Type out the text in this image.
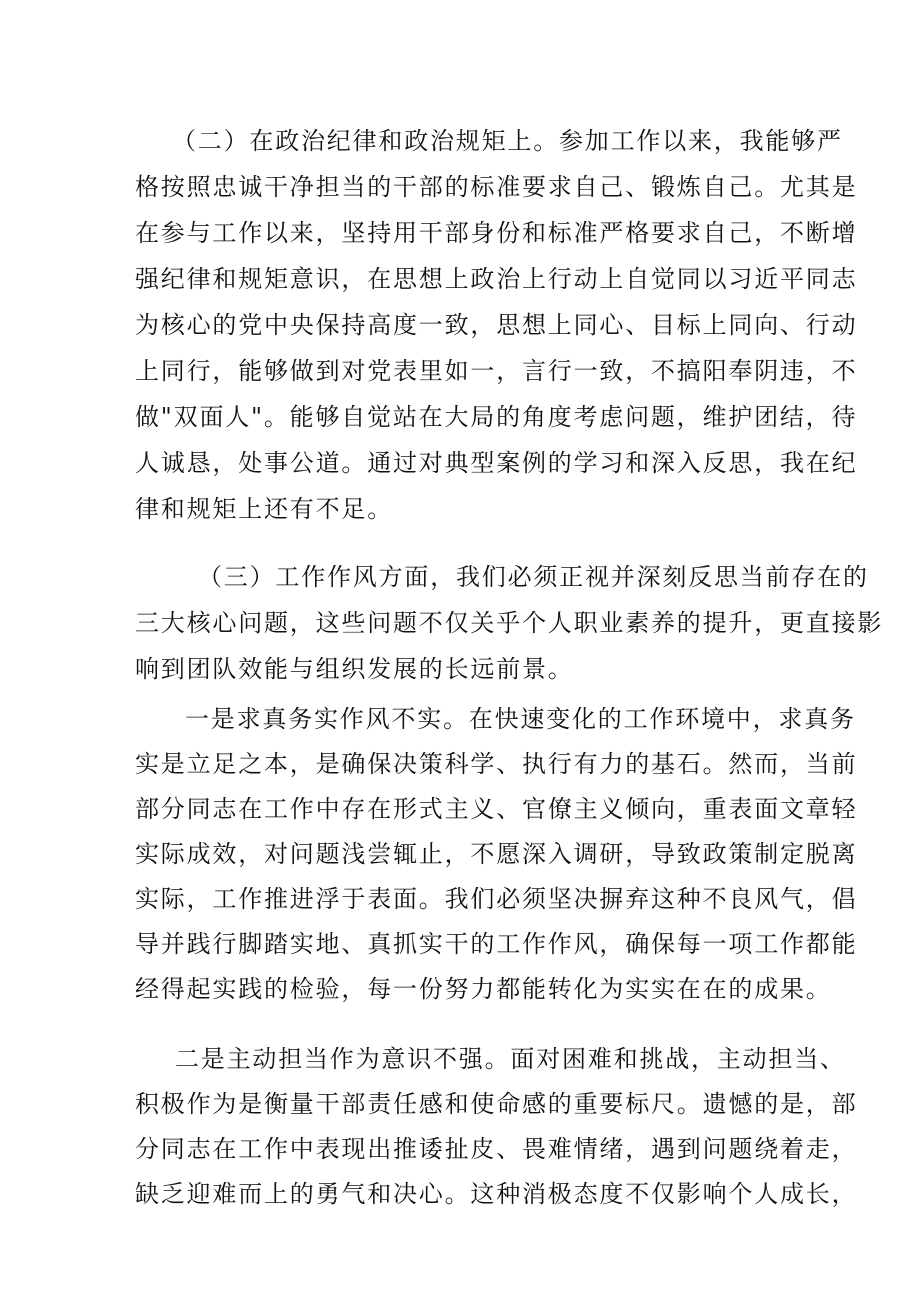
（二）在政治纪律和政治规矩上。参加工作以来，我能够严
格按照忠诚干净担当的干部的标准要求自己、锻炼自己。尤其是
在参与工作以来，坚持用干部身份和标准严格要求自己，不断增
强纪律和规矩意识，在思想上政治上行动上自觉同以习近平同志
为核心的党中央保持高度一致，思想上同心、目标上同向、行动
上同行，能够做到对党表里如一，言行一致，不搞阳奉阴违，不
做"双面人"。能够自觉站在大局的角度考虑问题，维护团结，待
人诚恳，处事公道。通过对典型案例的学习和深入反思，我在纪
律和规矩上还有不足。
（三）工作作风方面，我们必须正视并深刻反思当前存在的
三大核心问题，这些问题不仅关乎个人职业素养的提升，更直接影
响到团队效能与组织发展的长远前景。
一是求真务实作风不实。在快速变化的工作环境中，求真务
实是立足之本，是确保决策科学、执行有力的基石。然而，当前
部分同志在工作中存在形式主义、官僚主义倾向，重表面文章轻
实际成效，对问题浅尝辄止，不愿深入调研，导致政策制定脱离
实际，工作推进浮于表面。我们必须坚决摒弃这种不良风气，倡
导并践行脚踏实地、真抓实干的工作作风，确保每一项工作都能
经得起实践的检验，每一份努力都能转化为实实在在的成果。
二是主动担当作为意识不强。面对困难和挑战，主动担当、
积极作为是衡量干部责任感和使命感的重要标尺。遗憾的是，部
分同志在工作中表现出推诿扯皮、畏难情绪，遇到问题绕着走，
缺乏迎难而上的勇气和决心。这种消极态度不仅影响个人成长，
